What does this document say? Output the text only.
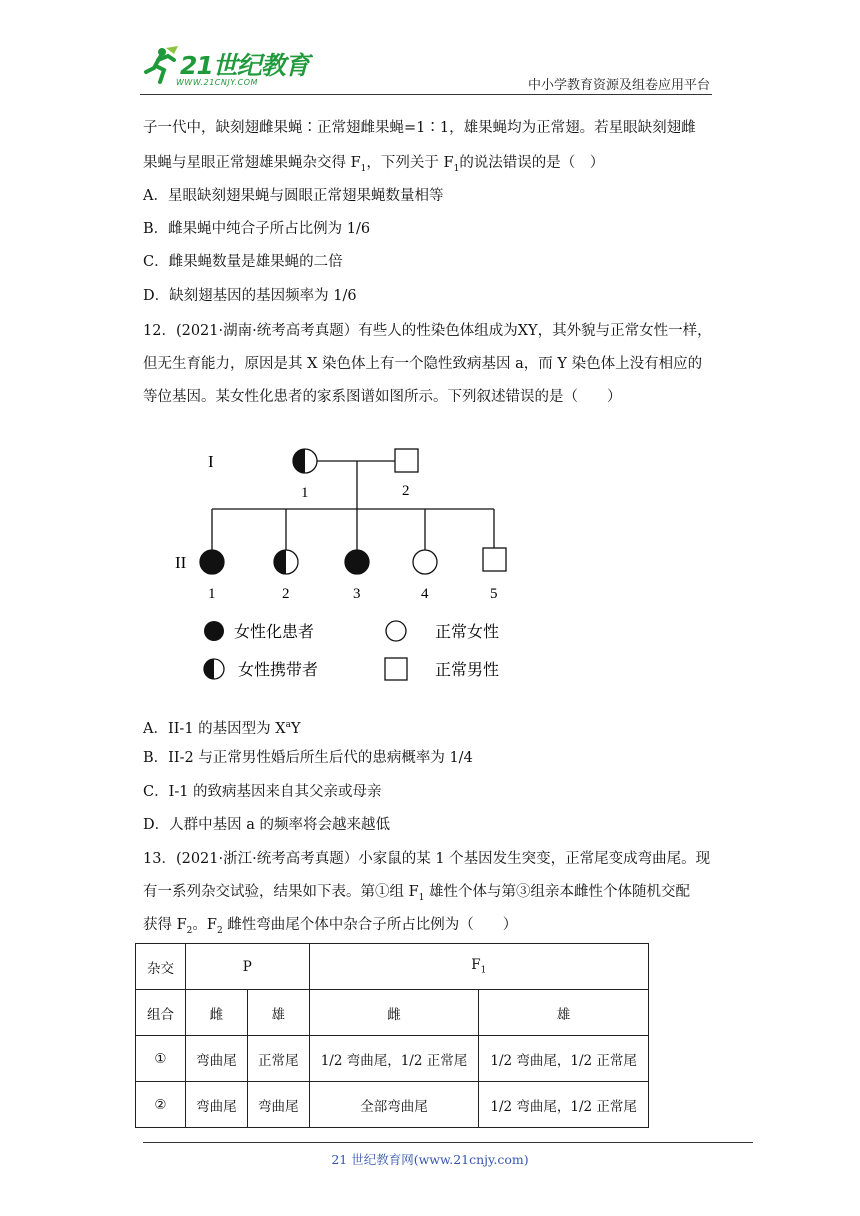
21世纪教育
WWW.21CNJY.COM	中小学教育资源及组卷应用平台
子一代中，缺刻翅雌果蝇∶正常翅雌果蝇=1∶1，雄果蝇均为正常翅。若星眼缺刻翅雌
果蝇与星眼正常翅雄果蝇杂交得 $F_1$，下列关于 $F_1$的说法错误的是（　）
A．星眼缺刻翅果蝇与圆眼正常翅果蝇数量相等
B．雌果蝇中纯合子所占比例为 1/6
C．雌果蝇数量是雄果蝇的二倍
D．缺刻翅基因的基因频率为 1/6
12．(2021·湖南·统考高考真题）有些人的性染色体组成为XY，其外貌与正常女性一样，
但无生育能力，原因是其 X 染色体上有一个隐性致病基因 a，而 Y 染色体上没有相应的
等位基因。某女性化患者的家系图谱如图所示。下列叙述错误的是（　　）
I
II
1	2
1	2	3	4	5
女性化患者	正常女性
女性携带者	正常男性
A．II-1 的基因型为 $X^aY$
B．II-2 与正常男性婚后所生后代的患病概率为 1/4
C．I-1 的致病基因来自其父亲或母亲
D．人群中基因 a 的频率将会越来越低
13．(2021·浙江·统考高考真题）小家鼠的某 1 个基因发生突变，正常尾变成弯曲尾。现
有一系列杂交试验，结果如下表。第①组 $F_1$ 雄性个体与第③组亲本雌性个体随机交配
获得 $F_2$。$F_2$ 雌性弯曲尾个体中杂合子所占比例为（　　）
杂交	P		$F_1$
组合	雌	雄	雌	雄
①	弯曲尾	正常尾	1/2 弯曲尾，1/2 正常尾	1/2 弯曲尾，1/2 正常尾
②	弯曲尾	弯曲尾	全部弯曲尾	1/2 弯曲尾，1/2 正常尾
21 世纪教育网(www.21cnjy.com)
